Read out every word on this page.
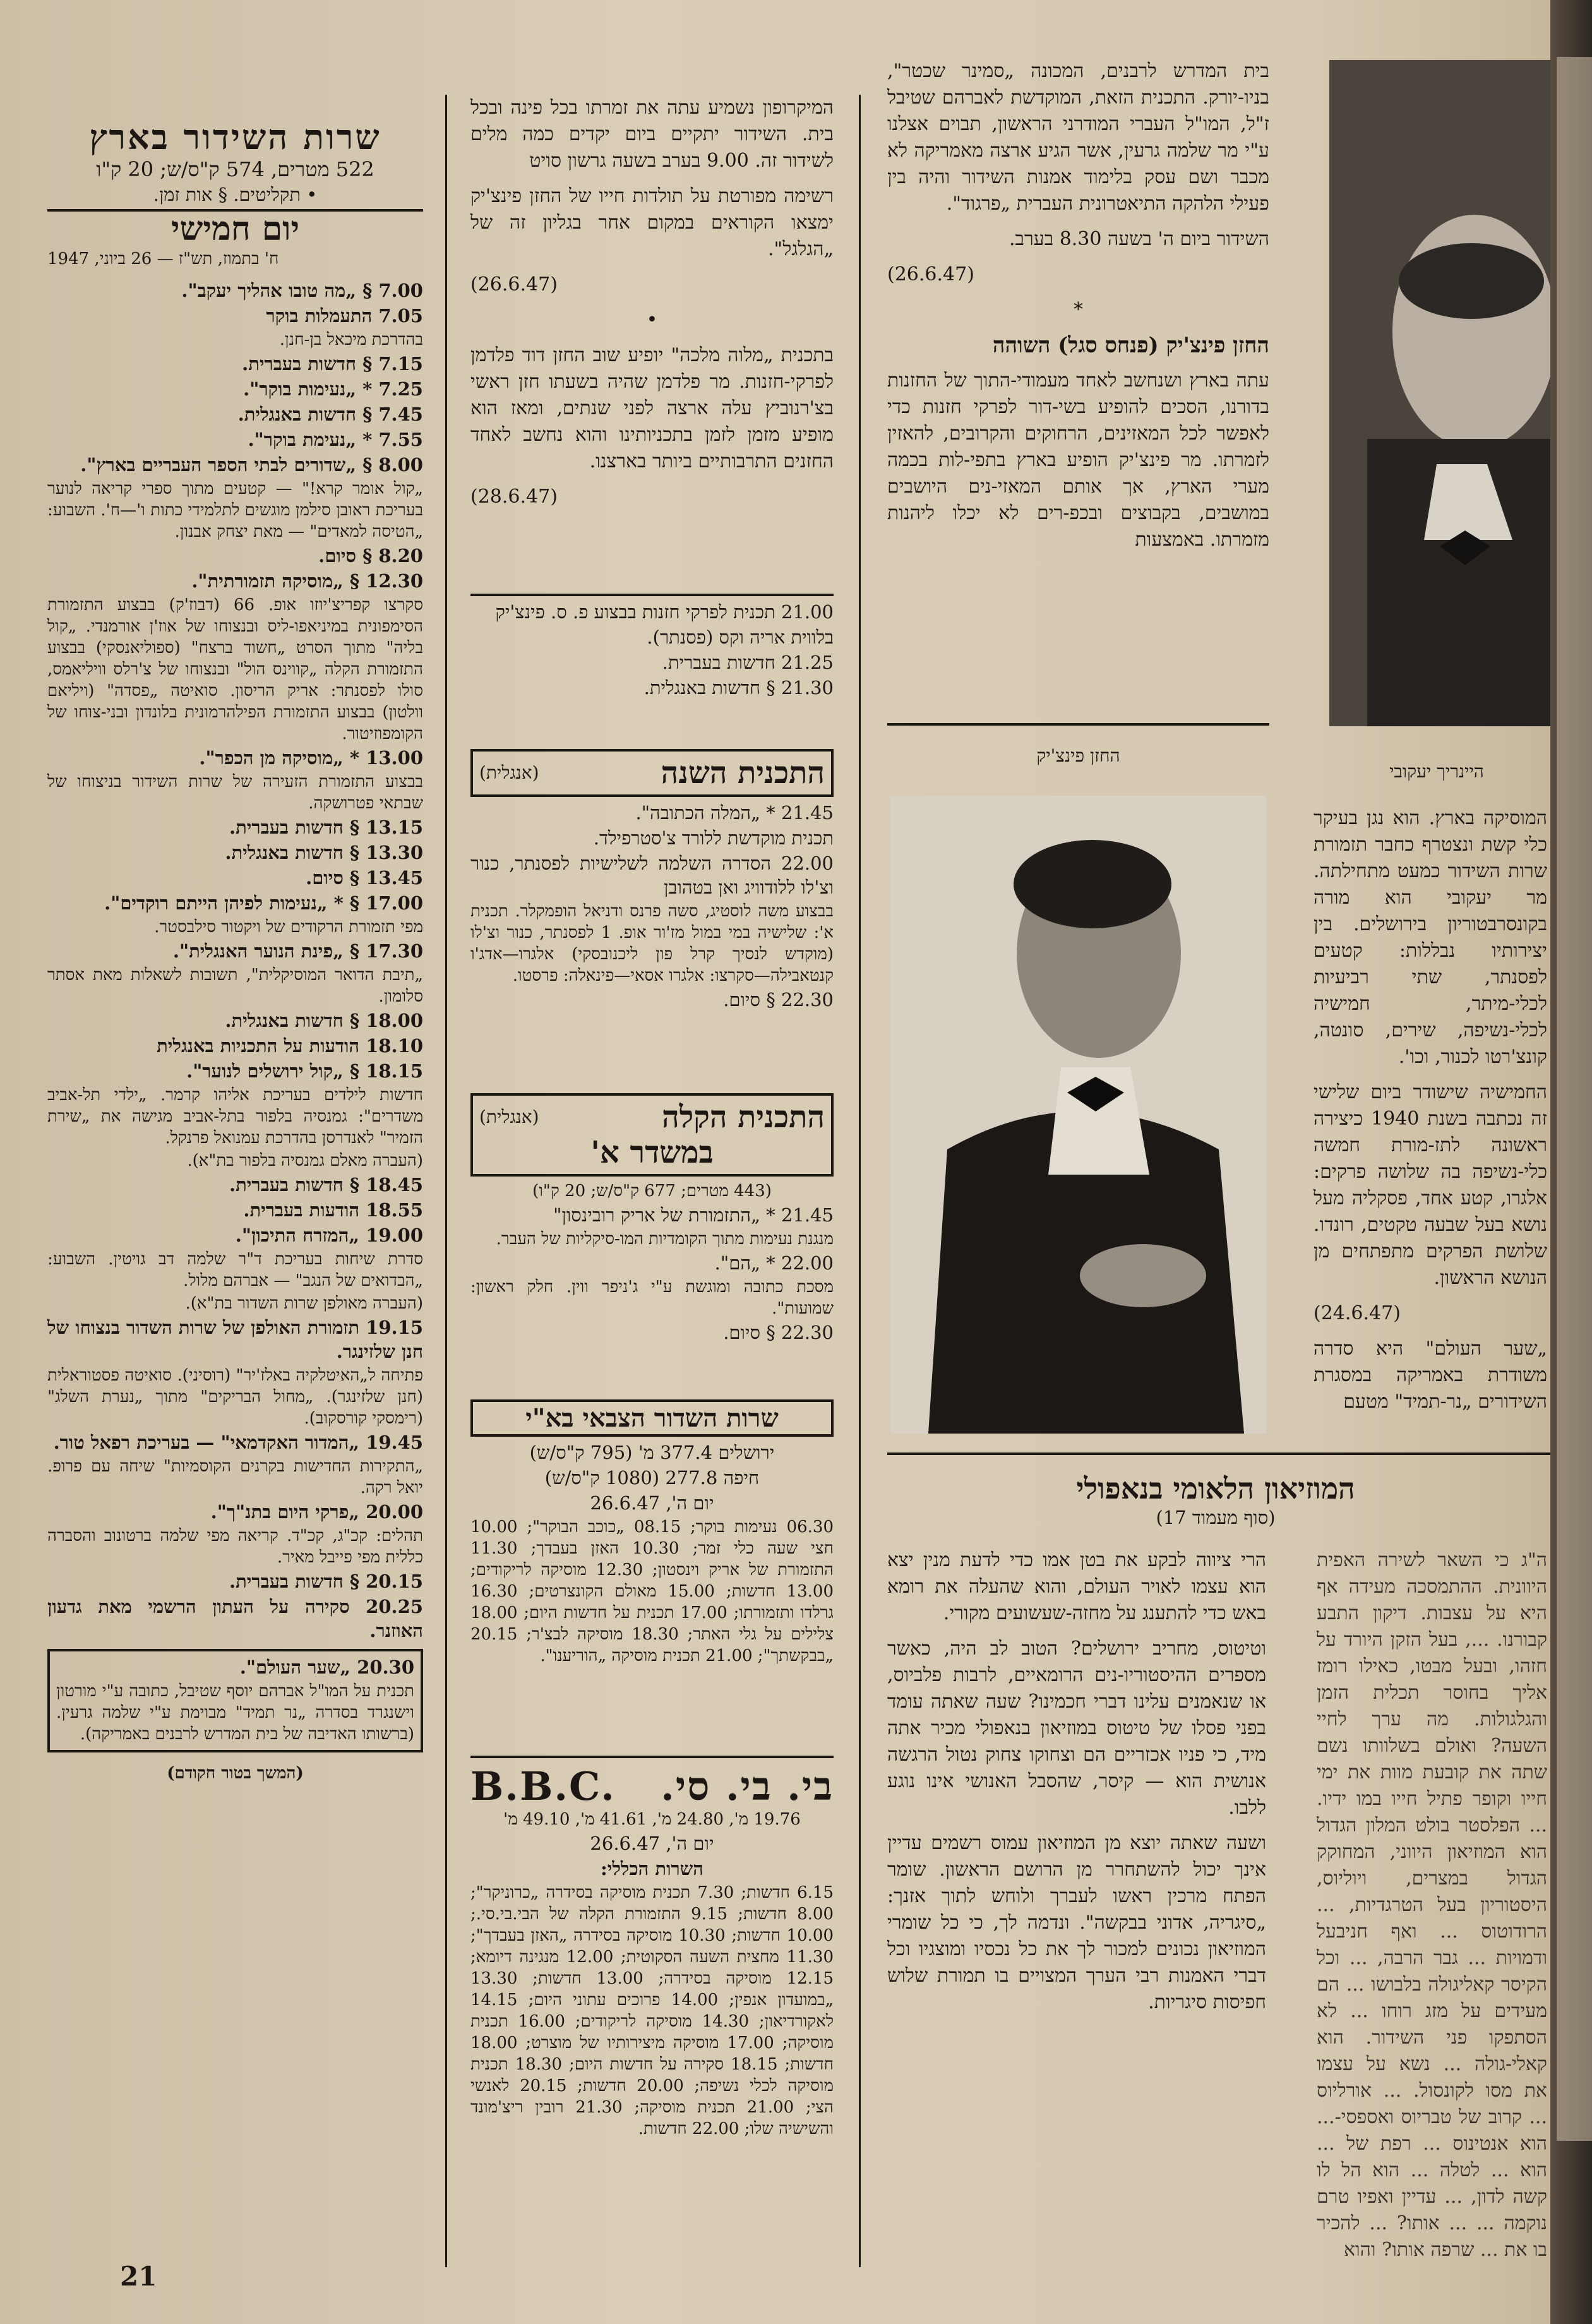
בית המדרש לרבנים, המכונה „סמינר שכטר", בניו-יורק. התכנית הזאת, המוקדשת לאברהם שטיבל ז"ל, המו"ל העברי המודרני הראשון, תבוים אצלנו ע"י מר שלמה גרעין, אשר הגיע ארצה מאמריקה לא מכבר ושם עסק בלימוד אמנות השידור והיה בין פעילי הלהקה התיאטרונית העברית „פרגוד".

השידור ביום ה' בשעה 8.30 בערב.

(26.6.47)

*

החזן פינצ'יק (פנחס סגל) השוהה

עתה בארץ ושנחשב לאחד מעמודי-התוך של החזנות בדורנו, הסכים להופיע בשי-דור לפרקי חזנות כדי לאפשר לכל המאזינים, הרחוקים והקרובים, להאזין לזמרתו. מר פינצ'יק הופיע בארץ בתפי-לות בכמה מערי הארץ, אך אותם המאזי-נים היושבים במושבים, בקבוצים ובכפ-רים לא יכלו ליהנות מזמרתו. באמצעות

היינריך יעקובי

המיקרופון נשמיע עתה את זמרתו בכל פינה ובכל בית. השידור יתקיים ביום יקדים כמה מלים לשידור זה. 9.00 בערב בשעה גרשון סויט

רשימה מפורטת על תולדות חייו של החזן פינצ'יק ימצאו הקוראים במקום אחר בגליון זה של „הגלגל".

(26.6.47)

•

בתכנית „מלוה מלכה" יופיע שוב החזן דוד פלדמן לפרקי-חזנות. מר פלדמן שהיה בשעתו חזן ראשי בצ'רנוביץ עלה ארצה לפני שנתים, ומאז הוא מופיע מזמן לזמן בתכניותינו והוא נחשב לאחד החזנים התרבותיים ביותר בארצנו.

(28.6.47)

21.00 תכנית לפרקי חזנות בבצוע פ. ס. פינצ'יק
בלווית אריה וקס (פסנתר).
21.25 חדשות בעברית.
21.30 § חדשות באנגלית.
התכנית השנה
(אנגלית)
21.45 * „המלה הכתובה".
תכנית מוקדשת ללורד צ'סטרפילד.
22.00 הסדרה השלמה לשלישיות לפסנתר, כנור וצ'לו ללודוויג ואן בטהובן
בבצוע משה לוסטיג, סשה פרנס ודניאל הופמקלר. תכנית א': שלישיה במי במול מז'ור אופ. 1 לפסנתר, כנור וצ'לו (מוקדש לנסיך קרל פון ליכנובסקי) אלגרו—אדג'ו קנטאבילה—סקרצו: אלגרו אסאי—פינאלה: פרסטו.
22.30 § סיום.
התכנית הקלה
(אנגלית)
במשדר א'
(443 מטרים; 677 ק"ס/ש; 20 ק"ו)
21.45 * „התזמורת של אריק רובינסון"
מנגנת נעימות מתוך הקומדיות המו-סיקליות של העבר.
22.00 * „הם".
מסכת כתובה ומוגשת ע"י ג'ניפר ווין. חלק ראשון: שמועות".
22.30 § סיום.
שרות השדור הצבאי בא"י
ירושלים 377.4 מ' (795 ק"ס/ש)
חיפה 277.8 (1080 ק"ס/ש)
יום ה', 26.6.47
06.30 נעימות בוקר; 08.15 „כוכב הבוקר"; 10.00 חצי שעה כלי זמר; 10.30 האזן בעבדך; 11.30 התזמורת של אריק וינסטון; 12.30 מוסיקה לריקודים; 13.00 חדשות; 15.00 מאולם הקונצרטים; 16.30 גרלדו ותזמורתו; 17.00 תכנית על חדשות היום; 18.00 צלילים על גלי האתר; 18.30 מוסיקה לבצ'ר; 20.15 „בבקשתך"; 21.00 תכנית מוסיקה „הוריענו".
בי. בי. סי.
B.B.C.
19.76 מ', 24.80 מ', 41.61 מ', 49.10 מ'
יום ה', 26.6.47
השרות הכללי:
6.15 חדשות; 7.30 תכנית מוסיקה בסידרה „כרוניקר"; 8.00 חדשות; 9.15 התזמורת הקלה של הבי.בי.סי.; 10.00 חדשות; 10.30 מוסיקה בסידרה „האזן בעבדך"; 11.30 מחצית השעה הסקוטית; 12.00 מנגינה דיומא; 12.15 מוסיקה בסידרה; 13.00 חדשות; 13.30 „במועדון אנפין; 14.00 פרוכים עתוני היום; 14.15 לאקורדיאון; 14.30 מוסיקה לריקודים; 16.00 תכנית מוסיקה; 17.00 מוסיקה מיצירותיו של מוצרט; 18.00 חדשות; 18.15 סקירה על חדשות היום; 18.30 תכנית מוסיקה לכלי נשיפה; 20.00 חדשות; 20.15 לאנשי הצי; 21.00 תכנית מוסיקה; 21.30 רובין ריצ'מונד והשישיה שלו; 22.00 חדשות.
שרות השידור בארץ
522 מטרים, 574 ק"ס/ש; 20 ק"ו
• תקליטים. § אות זמן.
יום חמישי
ח' בתמוז, תש"ז — 26 ביוני, 1947
7.00 § „מה טובו אהליך יעקב".
7.05 התעמלות בוקר
בהדרכת מיכאל בן-חנן.
7.15 § חדשות בעברית.
7.25 * „נעימות בוקר".
7.45 § חדשות באנגלית.
7.55 * „נעימת בוקר".
8.00 § „שדורים לבתי הספר העבריים בארץ".
„קול אומר קרא!" — קטעים מתוך ספרי קריאה לנוער בעריכת ראובן סילמן מוגשים לתלמידי כתות ו'—ח'. השבוע: „הטיסה למאדים" — מאת יצחק אבנון.
8.20 § סיום.
12.30 § „מוסיקה תזמורתית".
סקרצו קפריצ'יוזו אופ. 66 (דבוז'ק) בבצוע התזמורת הסימפונית במיניאפו-ליס ובנצוחו של אוז'ן אורמנדי. „קול בליה" מתוך הסרט „חשוד ברצח" (ספוליאנסקי) בבצוע התזמורת הקלה „קווינס הול" ובנצוחו של צ'רלס וויליאמס, סולו לפסנתר: אריק הריסון. סואיטה „פסדה" (ויליאם וולטון) בבצוע התזמורת הפילהרמונית בלונדון ובני-צוחו של הקומפוזיטור.
13.00 * „מוסיקה מן הכפר".
בבצוע התזמורת הזעירה של שרות השידור בניצוחו של שבתאי פטרושקה.
13.15 § חדשות בעברית.
13.30 § חדשות באנגלית.
13.45 § סיום.
17.00 § * „נעימות לפיהן הייתם רוקדים".
מפי תזמורת הרקודים של ויקטור סילבסטר.
17.30 § „פינת הנוער האנגלית".
„תיבת הדואר המוסיקלית", תשובות לשאלות מאת אסתר סלומון.
18.00 § חדשות באנגלית.
18.10 הודעות על התכניות באנגלית
18.15 § „קול ירושלים לנוער".
חדשות לילדים בעריכת אליהו קרמר. „ילדי תל-אביב משדרים": גמנסיה בלפור בתל-אביב מגישה את „שירת הזמיר" לאנדרסן בהדרכת עמנואל פרנקל.
(העברה מאלם גמנסיה בלפור בת"א).
18.45 § חדשות בעברית.
18.55 הודעות בעברית.
19.00 „המזרח התיכון".
סדרת שיחות בעריכת ד"ר שלמה דב גויטין. השבוע: „הבדואים של הנגב" — אברהם מלול.
(העברה מאולפן שרות השדור בת"א).
19.15 תזמורת האולפן של שרות השדור בנצוחו של חנן שלזינגר.
פתיחה ל„האיטלקיה באלז'יר" (רוסיני). סואיטה פסטוראלית (חנן שלזינגר). „מחול הבריקים" מתוך „נערת השלג" (רימסקי קורסקוב).
19.45 „המדור האקדמאי" — בעריכת רפאל טור.
„התקירות החדישות בקרנים הקוסמיות" שיחה עם פרופ. יואל רקה.
20.00 „פרקי היום בתנ"ך".
תהלים: קכ"ג, קכ"ד. קריאה מפי שלמה ברטונוב והסברה כללית מפי פייבל מאיר.
20.15 § חדשות בעברית.
20.25 סקירה על העתון הרשמי מאת גדעון האוזנר.
20.30 „שער העולם".
תכנית על המו"ל אברהם יוסף שטיבל, כתובה ע"י מורטון וישנגרד בסדרה „נר תמיד" מבוימת ע"י שלמה גרעין. (ברשותו האדיבה של בית המדרש לרבנים באמריקה).
(המשך בטור חקודם)
21
החזן פינצ'יק

המוסיקה בארץ. הוא נגן בעיקר כלי קשת ונצטרף כחבר תזמורת שרות השידור כמעט מתחילתה. מר יעקובי הוא מורה בקונסרבטוריון בירושלים. בין יצירותיו נבללות: קטעים לפסנתר, שתי רביעיות לכלי-מיתר, חמישיה לכלי-נשיפה, שירים, סונטה, קונצ'רטו לכנור, וכו'.

החמישיה שישודר ביום שלישי זה נכתבה בשנת 1940 כיצירה ראשונה לתז-מורת חמשה כלי-נשיפה בה שלושה פרקים: אלגרו, קטע אחד, פסקליה מעל נושא בעל שבעה טקטים, רונדו. שלושת הפרקים מתפתחים מן הנושא הראשון.

(24.6.47)

„שער העולם" היא סדרה משודרת באמריקה במסגרת השידורים „נר-תמיד" מטעם

המוזיאון הלאומי בנאפולי
(סוף מעמוד 17)

הרי ציווה לבקע את בטן אמו כדי לדעת מנין יצא הוא עצמו לאויר העולם, והוא שהעלה את רומא באש כדי להתענג על מחזה-שעשועים מקורי.

וטיטוס, מחריב ירושלים? הטוב לב היה, כאשר מספרים ההיסטוריו-נים הרומאיים, לרבות פלביוס, או שנאמנים עלינו דברי חכמינו? שעה שאתה עומד בפני פסלו של טיטוס במוזיאון בנאפולי מכיר אתה מיד, כי פניו אכזריים הם וצחוקו צחוק נטול הרגשה אנושית הוא — קיסר, שהסבל האנושי אינו נוגע ללבו.

ושעה שאתה יוצא מן המוזיאון עמוס רשמים עדיין אינך יכול להשתחרר מן הרושם הראשון. שומר הפתח מרכין ראשו לעברך ולוחש לתוך אזנך: „סיגריה, אדוני בבקשה". ונדמה לך, כי כל שומרי המוזיאון נכונים למכור לך את כל נכסיו ומוצגיו וכל דברי האמנות רבי הערך המצויים בו תמורת שלוש חפיסות סיגריות.

ה"ג כי השאר לשירה האפית היוונית. ההתמסכה מעידה אף היא על עצבות. דיקון התבע קבורנו. ..., בעל הזקן היורד על חזהו, ובעל מבטו, כאילו רומז אליך בחוסר תכלית הזמן והגלגולות. מה ערך לחיי השעה? ואולם בשלוותו נשם שתה את קובעת מוות את ימי חייו וקופר פתיל חייו במו ידיו. ... הפלסטר בולט המלון הגדול הוא המוזיאון היווני, המחוקק הגדול במצרים, ויוליוס, היסטוריון בעל הטרגדיות, ... הרודוטוס ... ואף חניבעל ודמויות ... גבר הרבה, ... וכל הקיסר קאליגולה בלבושו ... הם מעידים על מזג רוחו ... לא הסתפקו פני השידור. הוא קאלי-גולה ... נשא על עצמו את מסו לקונסול. ... אורליוס ... קרוב של טבריוס ואספסי-... הוא אנטינוס ... רפת של ... הוא ... לטלה ... הוא הל לו קשה לדון, ... עדיין ואפיו טרם נוקמה ... ... אותו? ... להכיר בו את ... שרפה אותו? והוא
